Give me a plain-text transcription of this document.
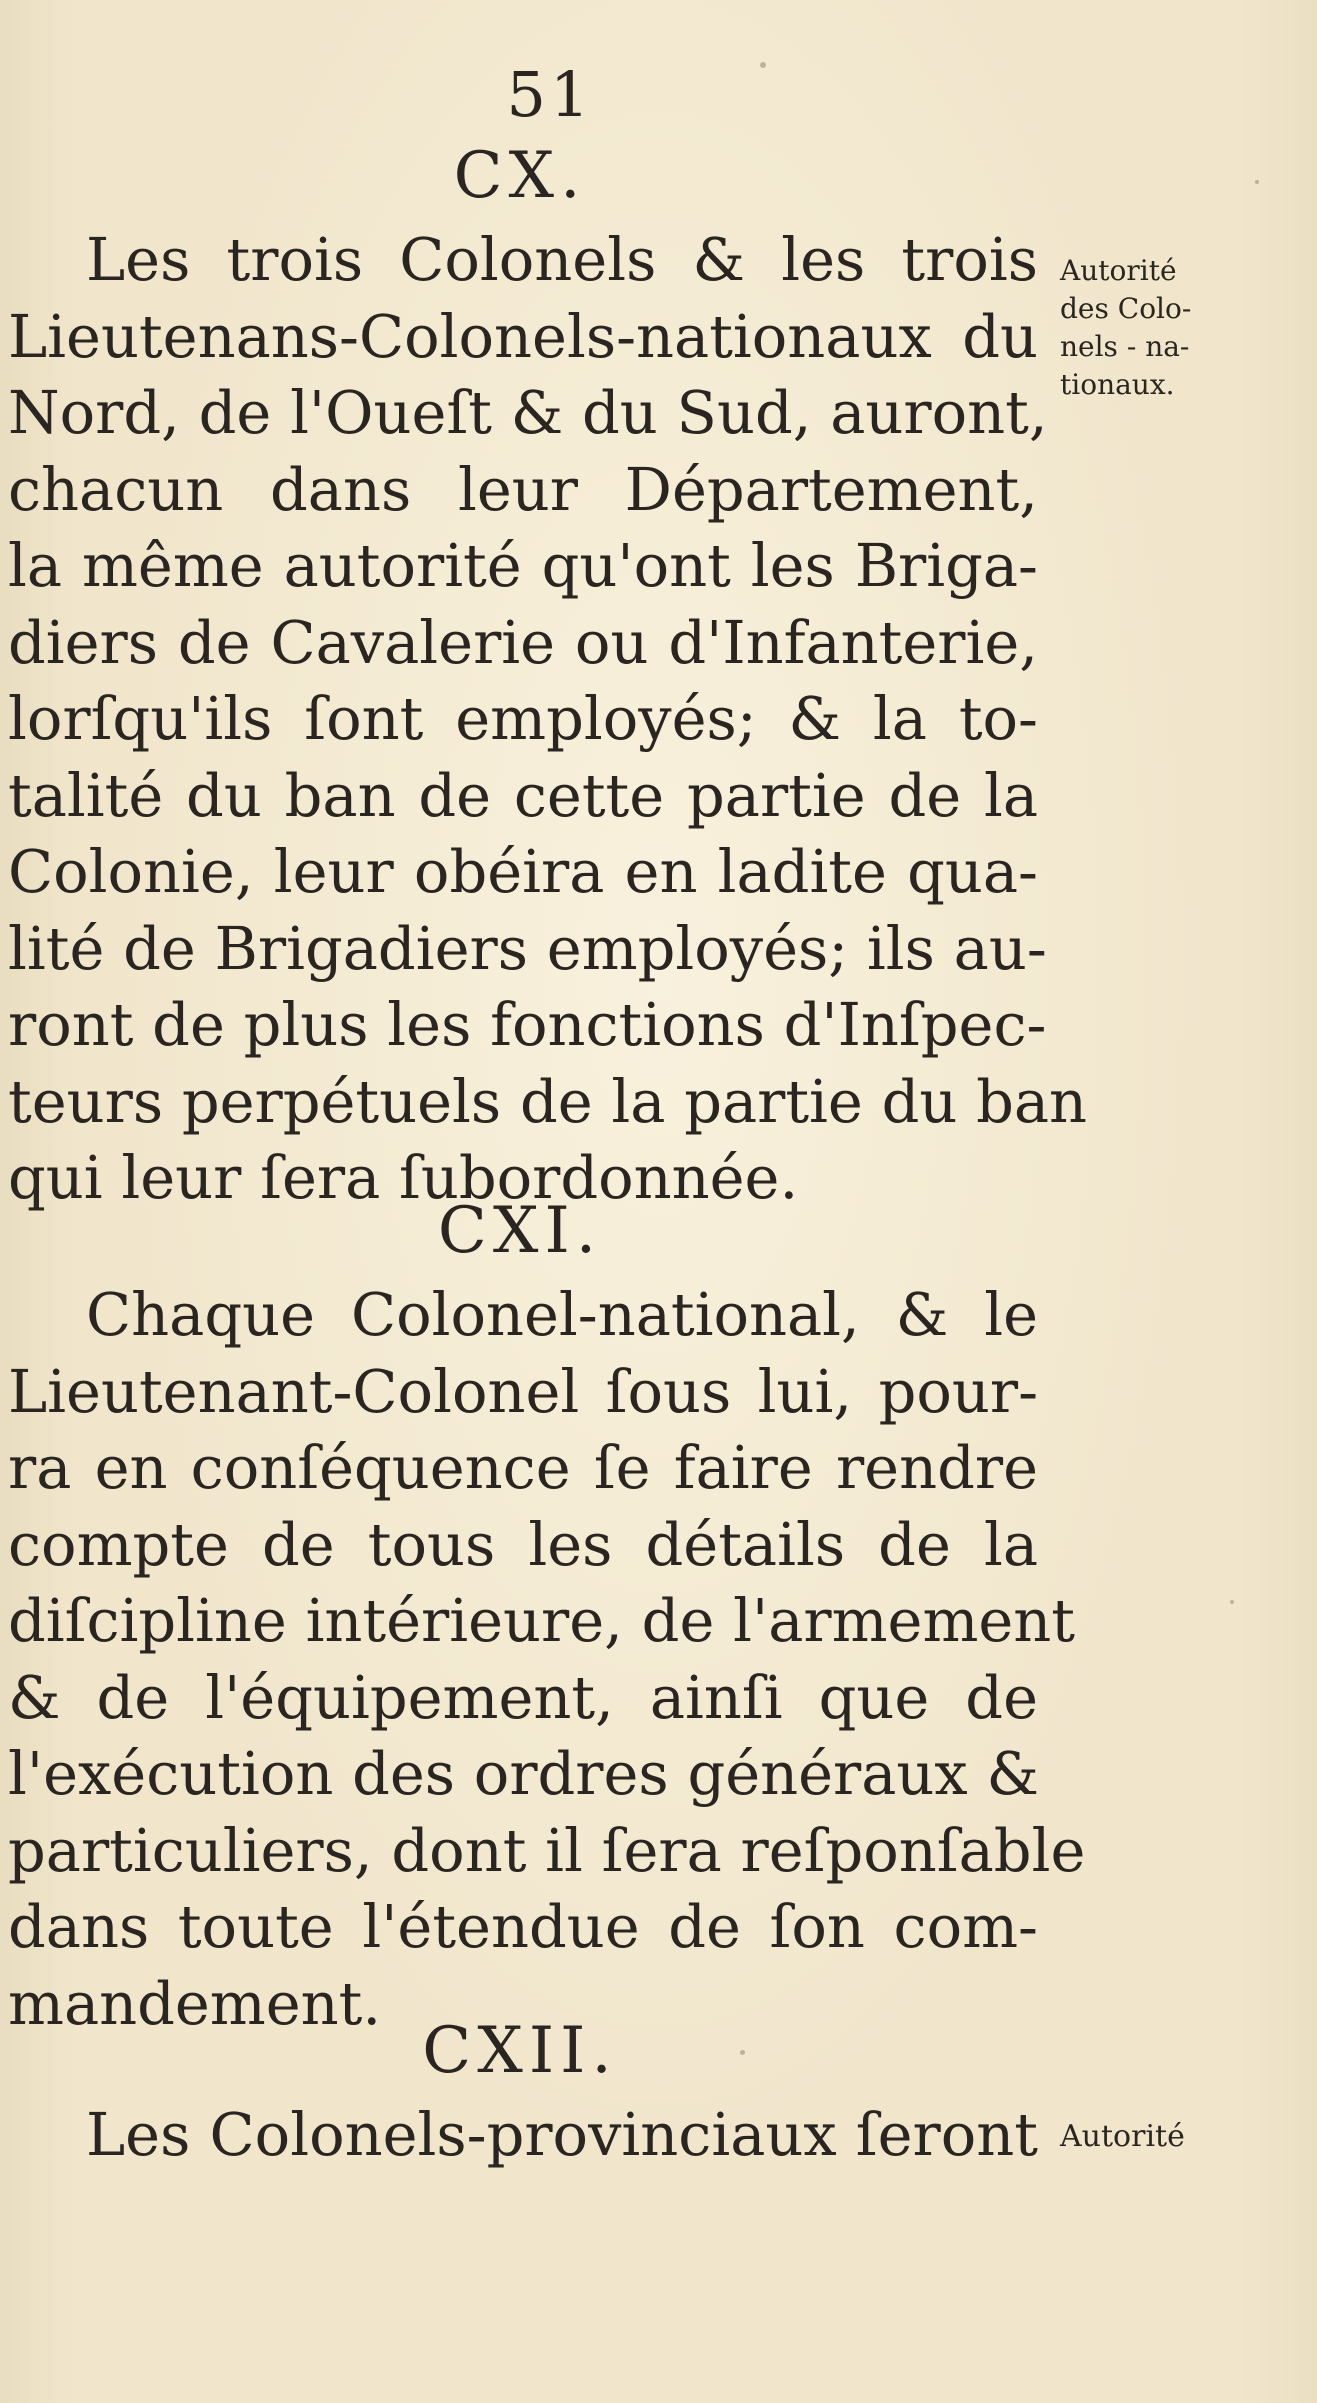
51
CX.
Les trois Colonels & les trois
Lieutenans-Colonels-nationaux du
Nord, de l'Oueſt & du Sud, auront,
chacun dans leur Département,
la même autorité qu'ont les Briga-
diers de Cavalerie ou d'Infanterie,
lorſqu'ils ſont employés; & la to-
talité du ban de cette partie de la
Colonie, leur obéira en ladite qua-
lité de Brigadiers employés; ils au-
ront de plus les fonctions d'Inſpec-
teurs perpétuels de la partie du ban
qui leur ſera ſubordonnée.
Autorité
des Colo-
nels - na-
tionaux.
CXI.
Chaque Colonel-national, & le
Lieutenant-Colonel ſous lui, pour-
ra en conſéquence ſe faire rendre
compte de tous les détails de la
diſcipline intérieure, de l'armement
& de l'équipement, ainſi que de
l'exécution des ordres généraux &
particuliers, dont il ſera reſponſable
dans toute l'étendue de ſon com-
mandement.
CXII.
Les Colonels-provinciaux ſeront Autorité
